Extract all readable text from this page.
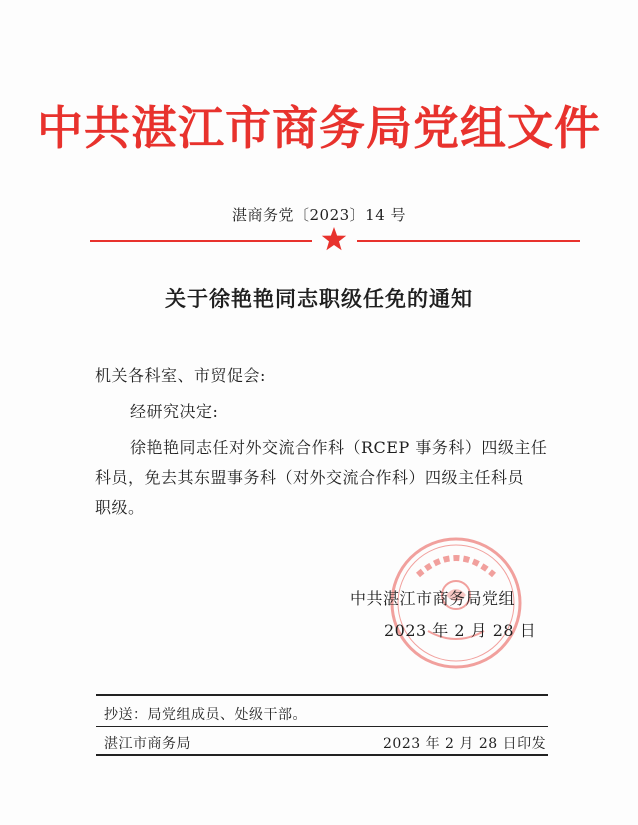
中共湛江市商务局党组文件
湛商务党〔2023〕14 号
关于徐艳艳同志职级任免的通知
机关各科室、市贸促会:
经研究决定:
徐艳艳同志任对外交流合作科（RCEP 事务科）四级主任
科员，免去其东盟事务科（对外交流合作科）四级主任科员
职级。
中共湛江市商务局党组
2023 年 2 月 28 日
抄送：局党组成员、处级干部。
湛江市商务局	2023 年 2 月 28 日印发
